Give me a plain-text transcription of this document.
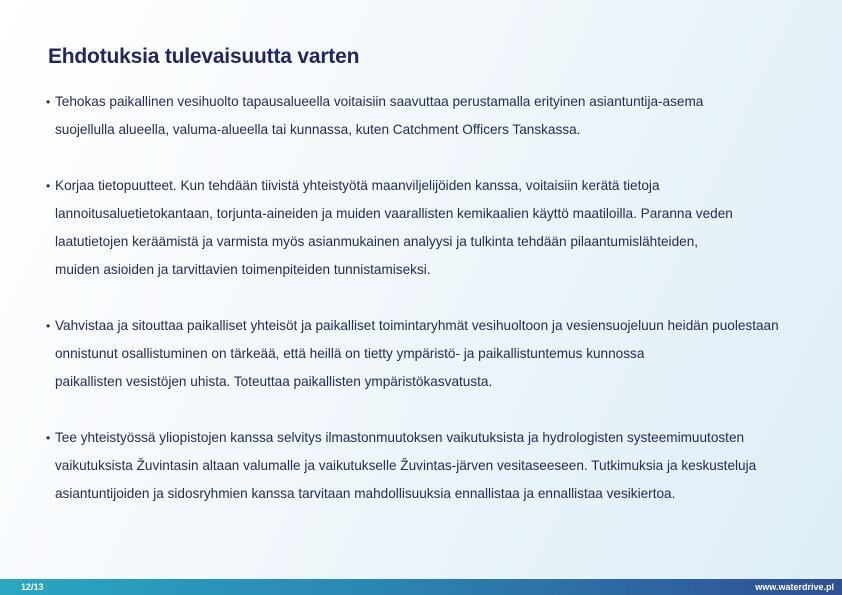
Ehdotuksia tulevaisuutta varten
• Tehokas paikallinen vesihuolto tapausalueella voitaisiin saavuttaa perustamalla erityinen asiantuntija-asema
suojellulla alueella, valuma-alueella tai kunnassa, kuten Catchment Officers Tanskassa.
• Korjaa tietopuutteet. Kun tehdään tiivistä yhteistyötä maanviljelijöiden kanssa, voitaisiin kerätä tietoja
lannoitusaluetietokantaan, torjunta-aineiden ja muiden vaarallisten kemikaalien käyttö maatiloilla. Paranna veden
laatutietojen keräämistä ja varmista myös asianmukainen analyysi ja tulkinta tehdään pilaantumislähteiden,
muiden asioiden ja tarvittavien toimenpiteiden tunnistamiseksi.
• Vahvistaa ja sitouttaa paikalliset yhteisöt ja paikalliset toimintaryhmät vesihuoltoon ja vesiensuojeluun heidän puolestaan
onnistunut osallistuminen on tärkeää, että heillä on tietty ympäristö- ja paikallistuntemus kunnossa
paikallisten vesistöjen uhista. Toteuttaa paikallisten ympäristökasvatusta.
• Tee yhteistyössä yliopistojen kanssa selvitys ilmastonmuutoksen vaikutuksista ja hydrologisten systeemimuutosten
vaikutuksista Žuvintasin altaan valumalle ja vaikutukselle Žuvintas-järven vesitaseeseen. Tutkimuksia ja keskusteluja
asiantuntijoiden ja sidosryhmien kanssa tarvitaan mahdollisuuksia ennallistaa ja ennallistaa vesikiertoa.
12/13	www.waterdrive.pl
